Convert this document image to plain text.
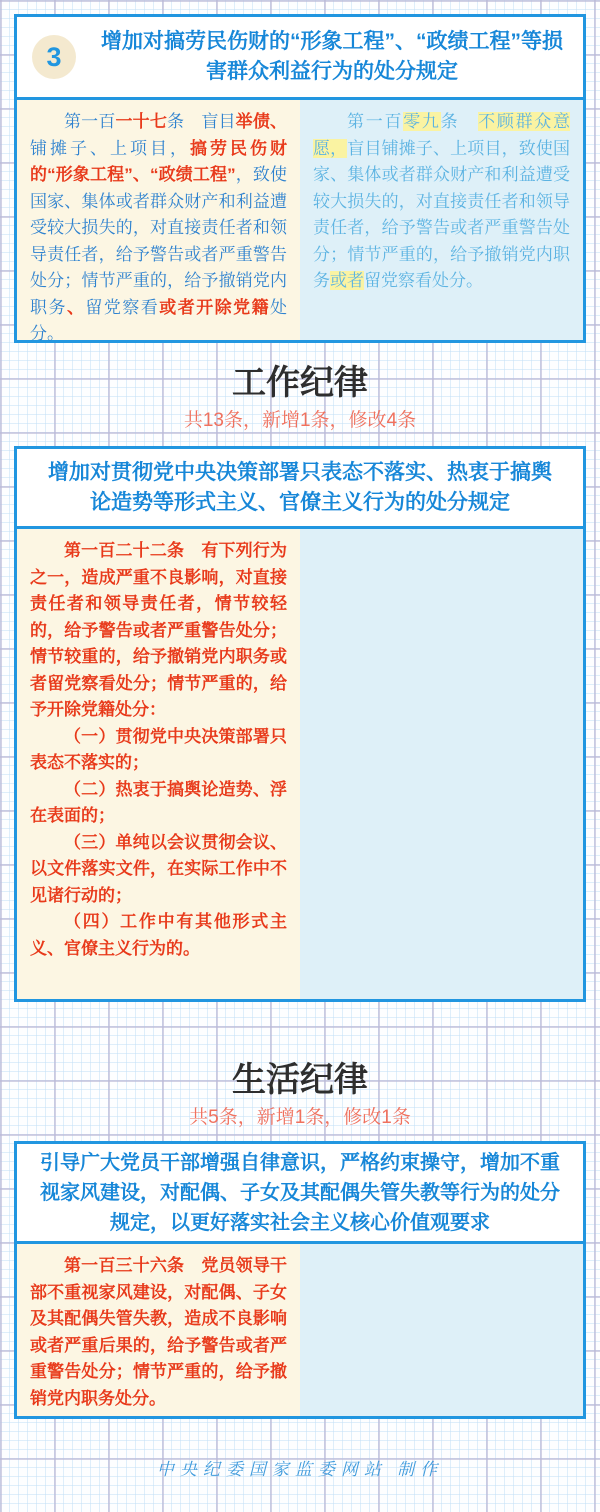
3	增加对搞劳民伤财的“形象工程”、“政绩工程”等损害群众利益行为的处分规定

第一百一十七条　盲目举债、铺摊子、上项目，搞劳民伤财的“形象工程”、“政绩工程”，致使国家、集体或者群众财产和利益遭受较大损失的，对直接责任者和领导责任者，给予警告或者严重警告处分；情节严重的，给予撤销党内职务、留党察看或者开除党籍处分。

第一百零九条　不顾群众意愿，盲目铺摊子、上项目，致使国家、集体或者群众财产和利益遭受较大损失的，对直接责任者和领导责任者，给予警告或者严重警告处分；情节严重的，给予撤销党内职务或者留党察看处分。

工作纪律

共13条，新增1条，修改4条

增加对贯彻党中央决策部署只表态不落实、热衷于搞舆论造势等形式主义、官僚主义行为的处分规定

第一百二十二条　有下列行为之一，造成严重不良影响，对直接责任者和领导责任者，情节较轻的，给予警告或者严重警告处分；情节较重的，给予撤销党内职务或者留党察看处分；情节严重的，给予开除党籍处分：

（一）贯彻党中央决策部署只表态不落实的；

（二）热衷于搞舆论造势、浮在表面的；

（三）单纯以会议贯彻会议、以文件落实文件，在实际工作中不见诸行动的；

（四）工作中有其他形式主义、官僚主义行为的。

生活纪律

共5条，新增1条，修改1条

引导广大党员干部增强自律意识，严格约束操守，增加不重视家风建设，对配偶、子女及其配偶失管失教等行为的处分规定，以更好落实社会主义核心价值观要求

第一百三十六条　党员领导干部不重视家风建设，对配偶、子女及其配偶失管失教，造成不良影响或者严重后果的，给予警告或者严重警告处分；情节严重的，给予撤销党内职务处分。

中央纪委国家监委网站 制作
